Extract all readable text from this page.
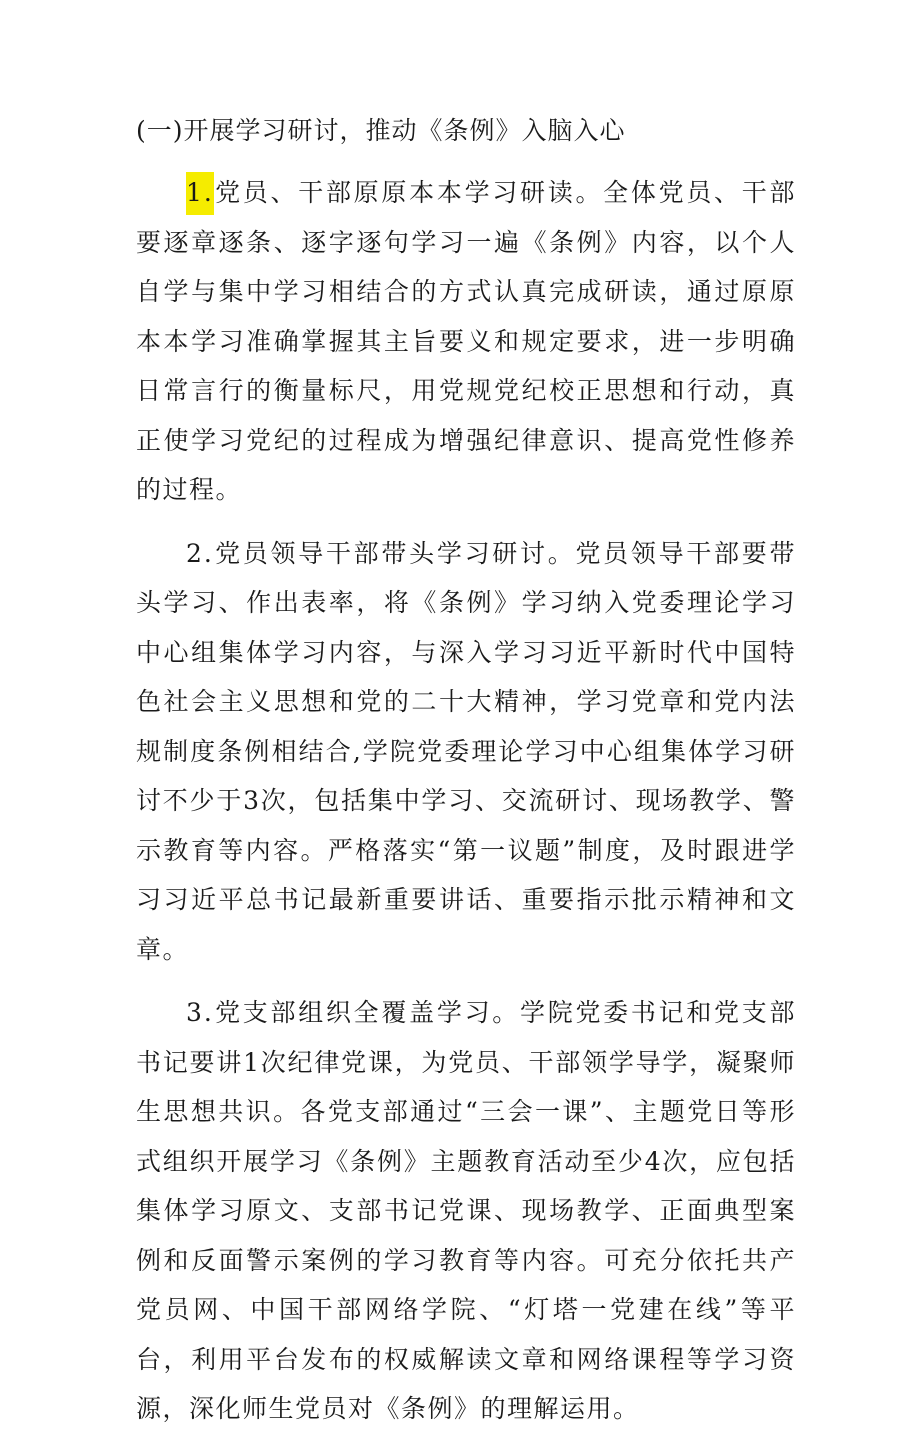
(一)开展学习研讨，推动《条例》入脑入心

1.党员、干部原原本本学习研读。全体党员、干部要逐章逐条、逐字逐句学习一遍《条例》内容，以个人自学与集中学习相结合的方式认真完成研读，通过原原本本学习准确掌握其主旨要义和规定要求，进一步明确日常言行的衡量标尺，用党规党纪校正思想和行动，真正使学习党纪的过程成为增强纪律意识、提高党性修养的过程。

2.党员领导干部带头学习研讨。党员领导干部要带头学习、作出表率，将《条例》学习纳入党委理论学习中心组集体学习内容，与深入学习习近平新时代中国特色社会主义思想和党的二十大精神，学习党章和党内法规制度条例相结合,学院党委理论学习中心组集体学习研讨不少于3次，包括集中学习、交流研讨、现场教学、警示教育等内容。严格落实“第一议题”制度，及时跟进学习习近平总书记最新重要讲话、重要指示批示精神和文章。

3.党支部组织全覆盖学习。学院党委书记和党支部书记要讲1次纪律党课，为党员、干部领学导学，凝聚师生思想共识。各党支部通过“三会一课”、主题党日等形式组织开展学习《条例》主题教育活动至少4次，应包括集体学习原文、支部书记党课、现场教学、正面典型案例和反面警示案例的学习教育等内容。可充分依托共产党员网、中国干部网络学院、“灯塔一党建在线”等平台，利用平台发布的权威解读文章和网络课程等学习资源，深化师生党员对《条例》的理解运用。
